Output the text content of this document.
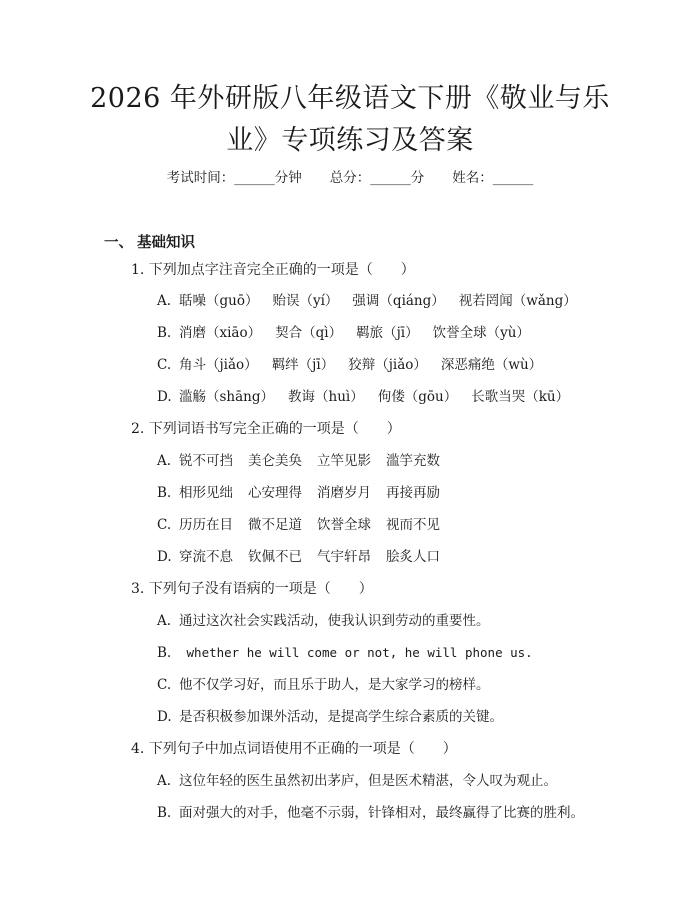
2026 年外研版八年级语文下册《敬业与乐
业》专项练习及答案
考试时间：______分钟 总分：______分 姓名：______
一、 基础知识
1. 下列加点字注音完全正确的一项是（　　）
A. 聒噪（guō） 贻误（yí） 强调（qiáng） 视若罔闻（wǎng）
B. 消磨（xiāo） 契合（qì） 羁旅（jī） 饮誉全球（yù）
C. 角斗（jiǎo） 羁绊（jī） 狡辩（jiǎo） 深恶痛绝（wù）
D. 滥觞（shāng） 教诲（huì） 佝偻（gōu） 长歌当哭（kū）
2. 下列词语书写完全正确的一项是（　　）
A. 锐不可挡 美仑美奂 立竿见影 滥竽充数
B. 相形见绌 心安理得 消磨岁月 再接再励
C. 历历在目 微不足道 饮誉全球 视而不见
D. 穿流不息 钦佩不已 气宇轩昂 脍炙人口
3. 下列句子没有语病的一项是（　　）
A. 通过这次社会实践活动，使我认识到劳动的重要性。
B. whether he will come or not, he will phone us.
C. 他不仅学习好，而且乐于助人，是大家学习的榜样。
D. 是否积极参加课外活动，是提高学生综合素质的关键。
4. 下列句子中加点词语使用不正确的一项是（　　）
A. 这位年轻的医生虽然初出茅庐，但是医术精湛，令人叹为观止。
B. 面对强大的对手，他毫不示弱，针锋相对，最终赢得了比赛的胜利。
